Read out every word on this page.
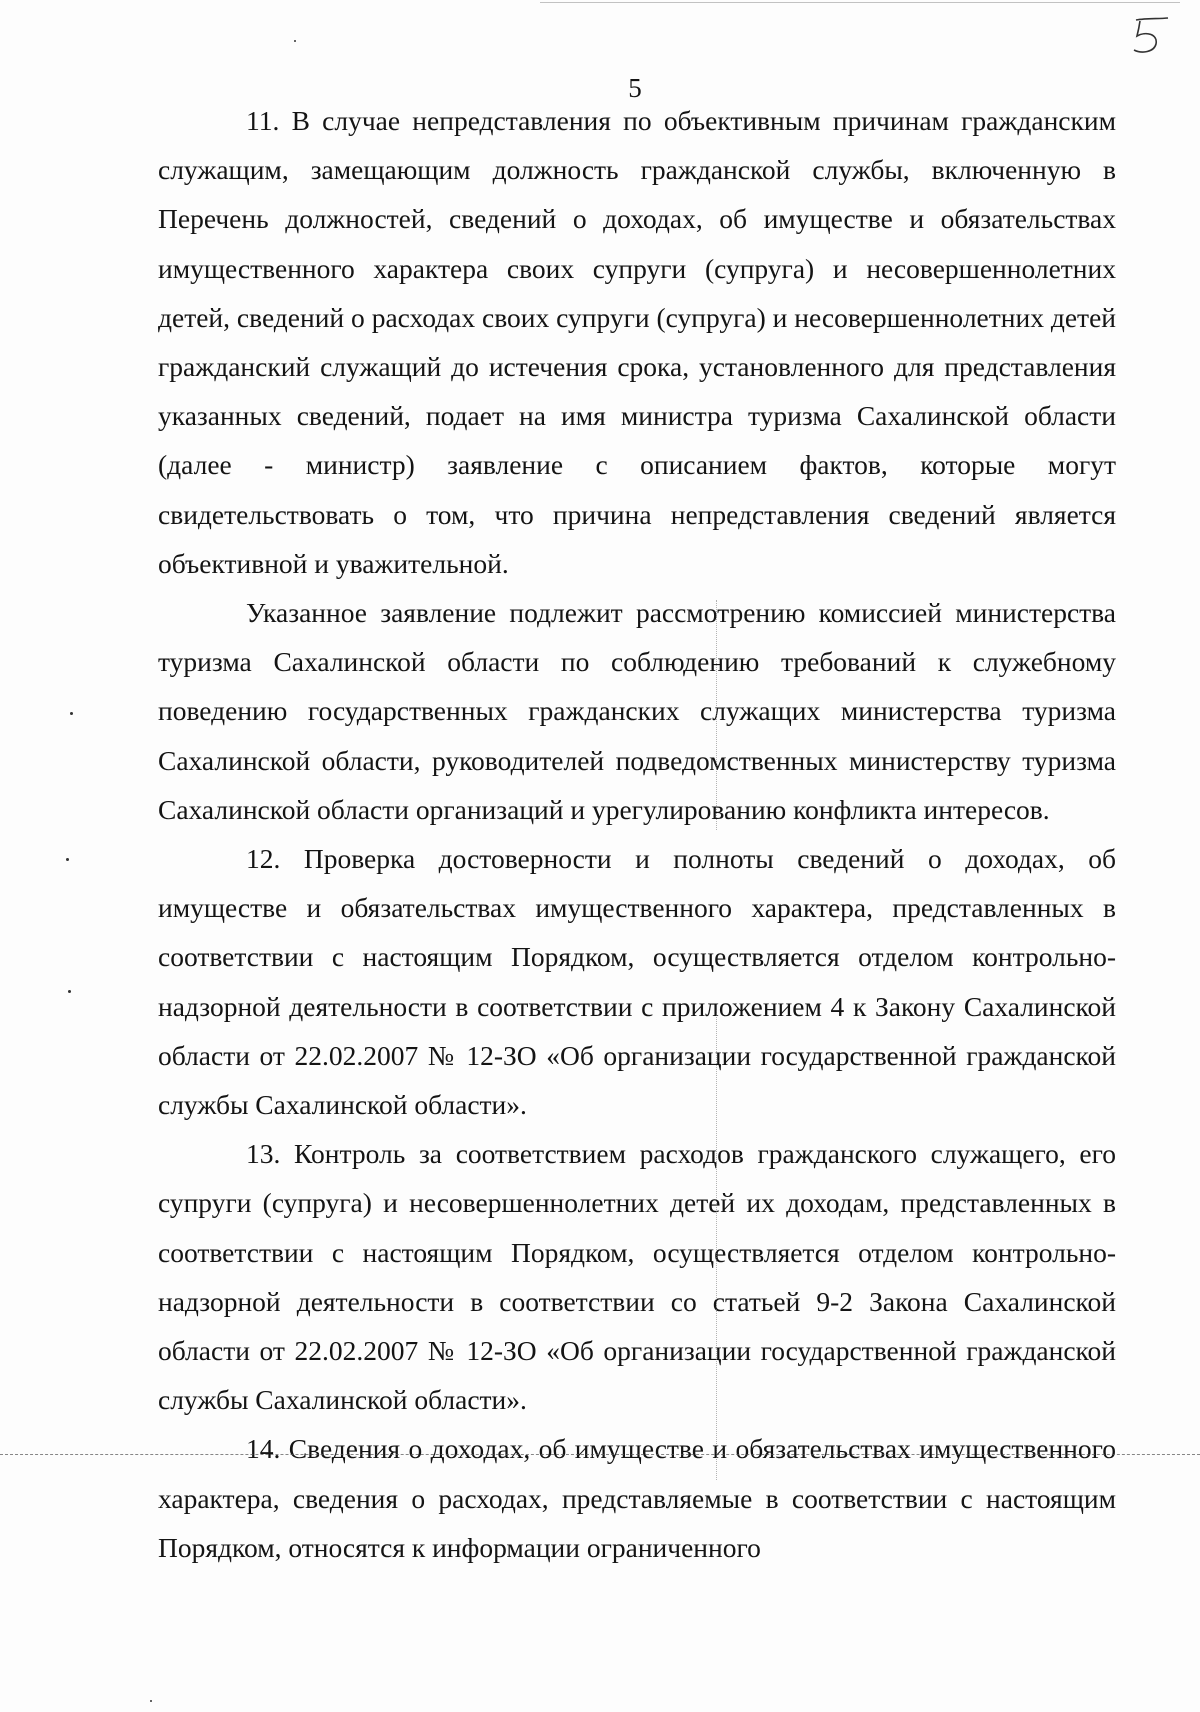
5

11. В случае непредставления по объективным причинам гражданским служащим, замещающим должность гражданской службы, включенную в Перечень должностей, сведений о доходах, об имуществе и обязательствах имущественного характера своих супруги (супруга) и несовершеннолетних детей, сведений о расходах своих супруги (супруга) и несовершеннолетних детей гражданский служащий до истечения срока, установленного для представления указанных сведений, подает на имя министра туризма Сахалинской области (далее - министр) заявление с описанием фактов, которые могут свидетельствовать о том, что причина непредставления сведений является объективной и уважительной.

Указанное заявление подлежит рассмотрению комиссией министерства туризма Сахалинской области по соблюдению требований к служебному поведению государственных гражданских служащих министерства туризма Сахалинской области, руководителей подведомственных министерству туризма Сахалинской области организаций и урегулированию конфликта интересов.

12. Проверка достоверности и полноты сведений о доходах, об имуществе и обязательствах имущественного характера, представленных в соответствии с настоящим Порядком, осуществляется отделом контрольно-надзорной деятельности в соответствии с приложением 4 к Закону Сахалинской области от 22.02.2007 № 12-ЗО «Об организации государственной гражданской службы Сахалинской области».

13. Контроль за соответствием расходов гражданского служащего, его супруги (супруга) и несовершеннолетних детей их доходам, представленных в соответствии с настоящим Порядком, осуществляется отделом контрольно-надзорной деятельности в соответствии со статьей 9-2 Закона Сахалинской области от 22.02.2007 № 12-ЗО «Об организации государственной гражданской службы Сахалинской области».

14. Сведения о доходах, об имуществе и обязательствах имущественного характера, сведения о расходах, представляемые в соответствии с настоящим Порядком, относятся к информации ограниченного
